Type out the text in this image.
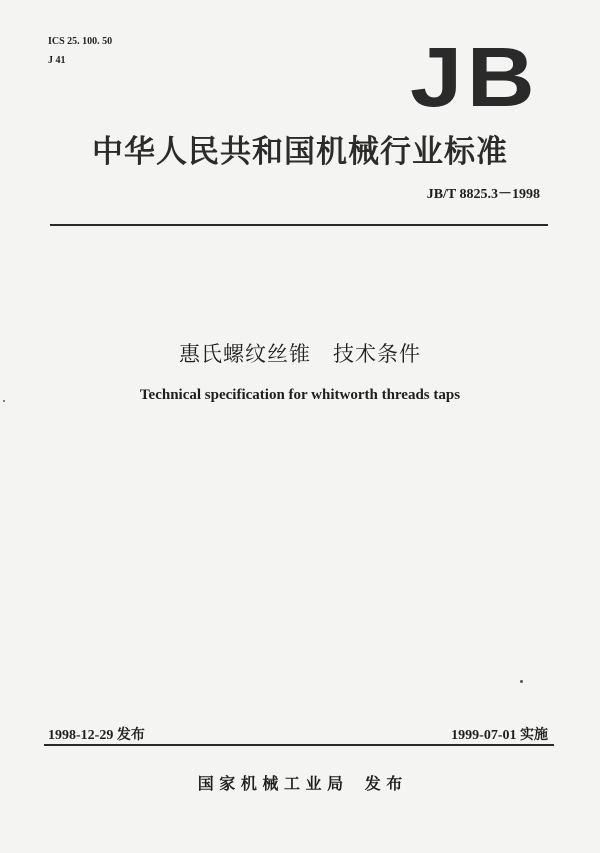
ICS 25. 100. 50
J 41	JB
中华人民共和国机械行业标准
JB/T 8825.3－1998
惠氏螺纹丝锥　技术条件
Technical specification for whitworth threads taps
1998-12-29 发布	1999-07-01 实施
国 家 机 械 工 业 局　 发 布
